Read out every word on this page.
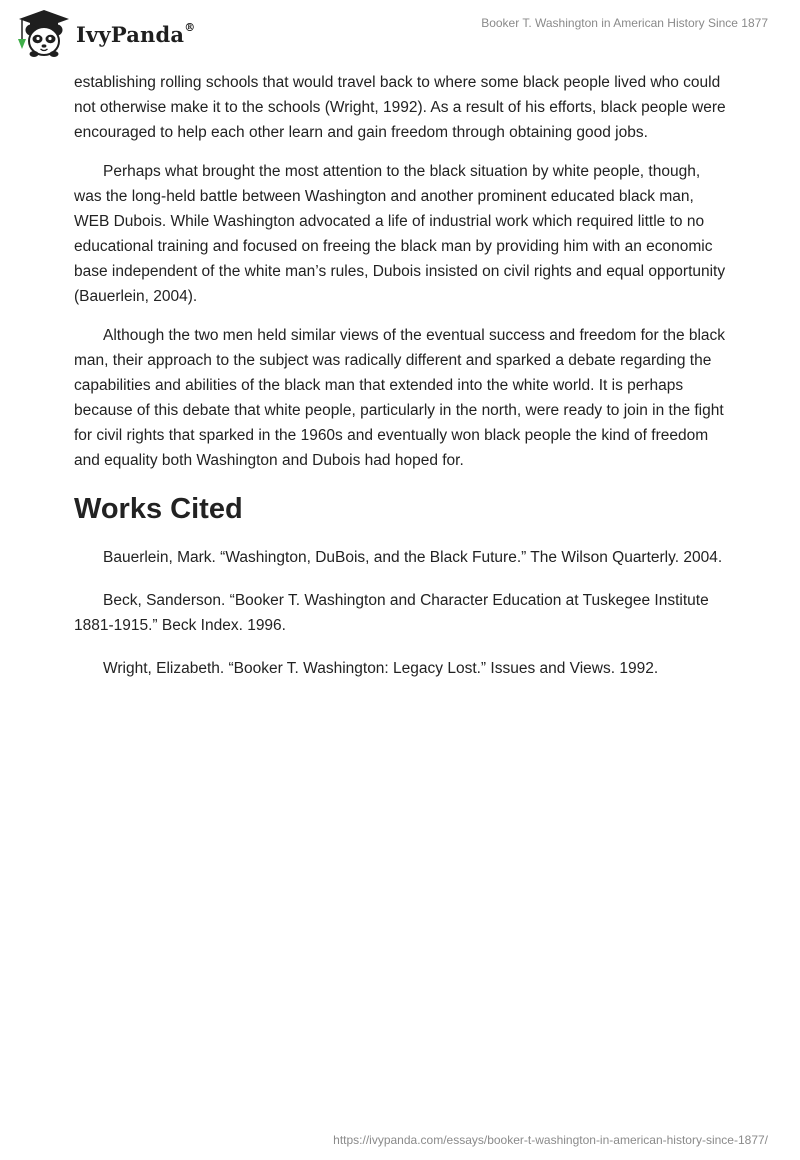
IvyPanda®	Booker T. Washington in American History Since 1877

establishing rolling schools that would travel back to where some black people lived who could not otherwise make it to the schools (Wright, 1992). As a result of his efforts, black people were encouraged to help each other learn and gain freedom through obtaining good jobs.

Perhaps what brought the most attention to the black situation by white people, though, was the long-held battle between Washington and another prominent educated black man, WEB Dubois. While Washington advocated a life of industrial work which required little to no educational training and focused on freeing the black man by providing him with an economic base independent of the white man’s rules, Dubois insisted on civil rights and equal opportunity (Bauerlein, 2004).

Although the two men held similar views of the eventual success and freedom for the black man, their approach to the subject was radically different and sparked a debate regarding the capabilities and abilities of the black man that extended into the white world. It is perhaps because of this debate that white people, particularly in the north, were ready to join in the fight for civil rights that sparked in the 1960s and eventually won black people the kind of freedom and equality both Washington and Dubois had hoped for.

Works Cited

Bauerlein, Mark. “Washington, DuBois, and the Black Future.” The Wilson Quarterly. 2004.

Beck, Sanderson. “Booker T. Washington and Character Education at Tuskegee Institute 1881-1915.” Beck Index. 1996.

Wright, Elizabeth. “Booker T. Washington: Legacy Lost.” Issues and Views. 1992.

https://ivypanda.com/essays/booker-t-washington-in-american-history-since-1877/
